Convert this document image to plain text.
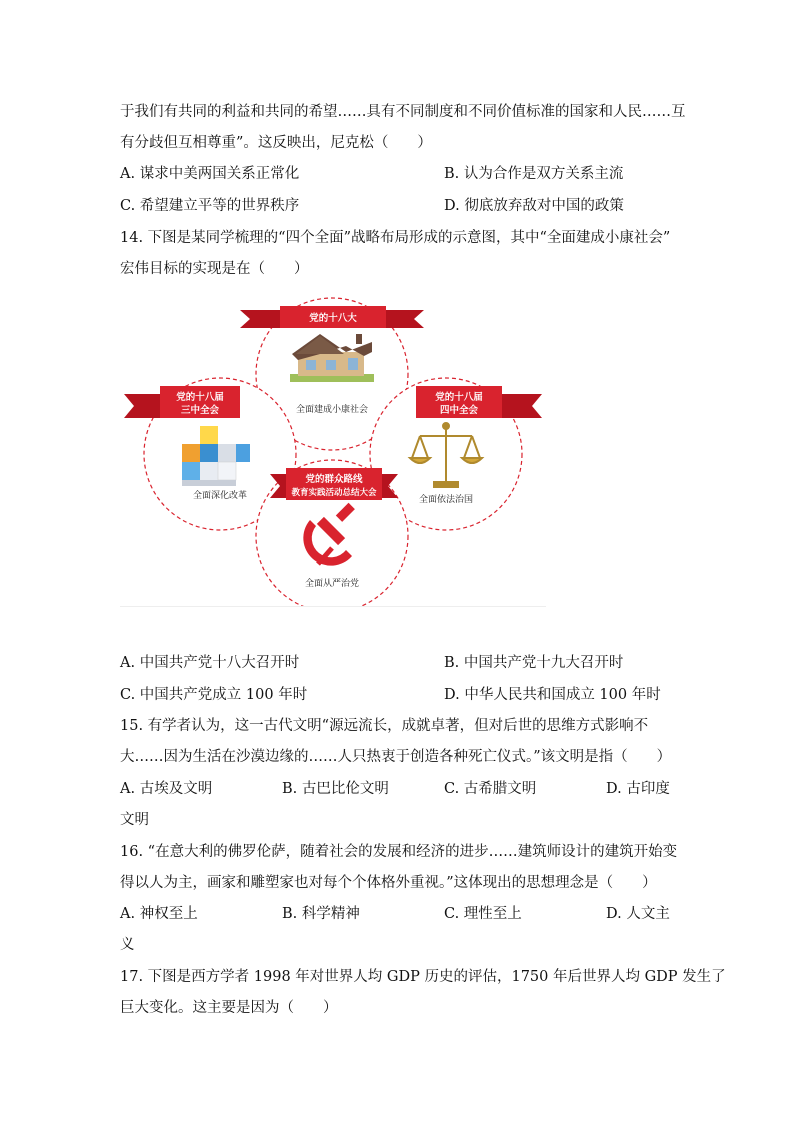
于我们有共同的利益和共同的希望……具有不同制度和不同价值标准的国家和人民……互
有分歧但互相尊重”。这反映出，尼克松（　　）
A. 谋求中美两国关系正常化	B. 认为合作是双方关系主流
C. 希望建立平等的世界秩序	D. 彻底放弃敌对中国的政策
14. 下图是某同学梳理的“四个全面”战略布局形成的示意图，其中“全面建成小康社会”
宏伟目标的实现是在（　　）
党的十八大
全面建成小康社会
党的十八届
三中全会
全面深化改革
党的十八届
四中全会
全面依法治国
党的群众路线
教育实践活动总结大会
全面从严治党
A. 中国共产党十八大召开时	B. 中国共产党十九大召开时
C. 中国共产党成立 100 年时	D. 中华人民共和国成立 100 年时
15. 有学者认为，这一古代文明“源远流长，成就卓著，但对后世的思维方式影响不
大……因为生活在沙漠边缘的……人只热衷于创造各种死亡仪式。”该文明是指（　　）
A. 古埃及文明	B. 古巴比伦文明	C. 古希腊文明	D. 古印度
文明
16. “在意大利的佛罗伦萨，随着社会的发展和经济的进步……建筑师设计的建筑开始变
得以人为主，画家和雕塑家也对每个个体格外重视。”这体现出的思想理念是（　　）
A. 神权至上	B. 科学精神	C. 理性至上	D. 人文主
义
17. 下图是西方学者 1998 年对世界人均 GDP 历史的评估，1750 年后世界人均 GDP 发生了
巨大变化。这主要是因为（　　）
